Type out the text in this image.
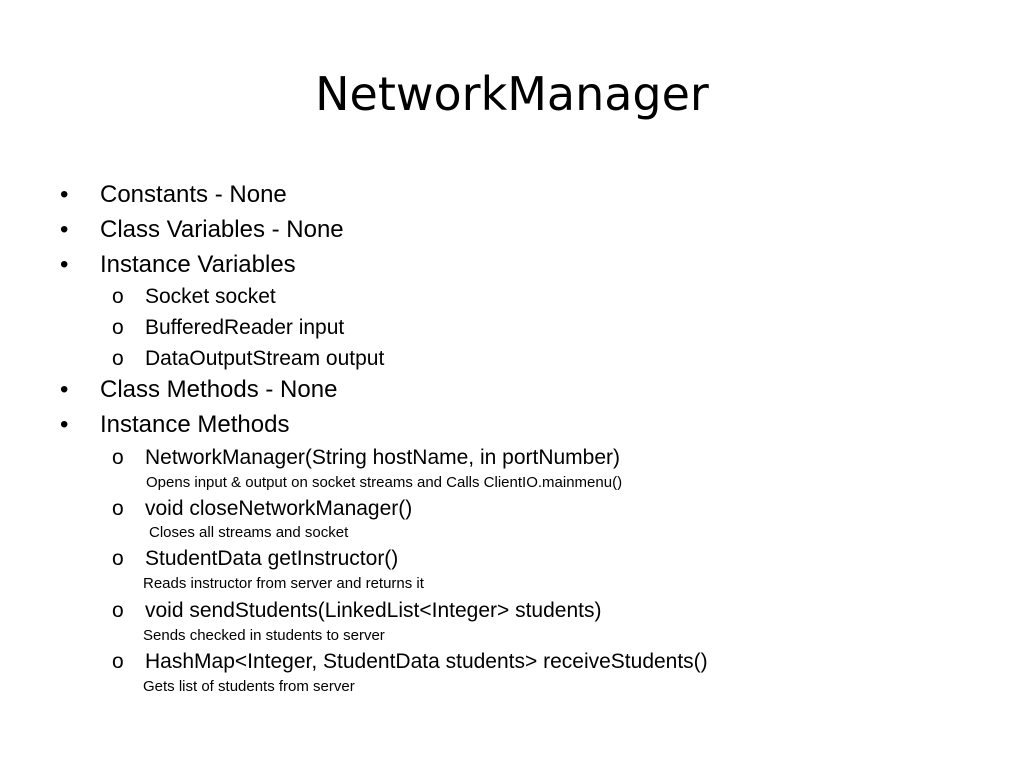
NetworkManager
• Constants - None
• Class Variables - None
• Instance Variables
o Socket socket
o BufferedReader input
o DataOutputStream output
• Class Methods - None
• Instance Methods
o NetworkManager(String hostName, in portNumber)
Opens input & output on socket streams and Calls ClientIO.mainmenu()
o void closeNetworkManager()
Closes all streams and socket
o StudentData getInstructor()
Reads instructor from server and returns it
o void sendStudents(LinkedList<Integer> students)
Sends checked in students to server
o HashMap<Integer, StudentData students> receiveStudents()
Gets list of students from server
